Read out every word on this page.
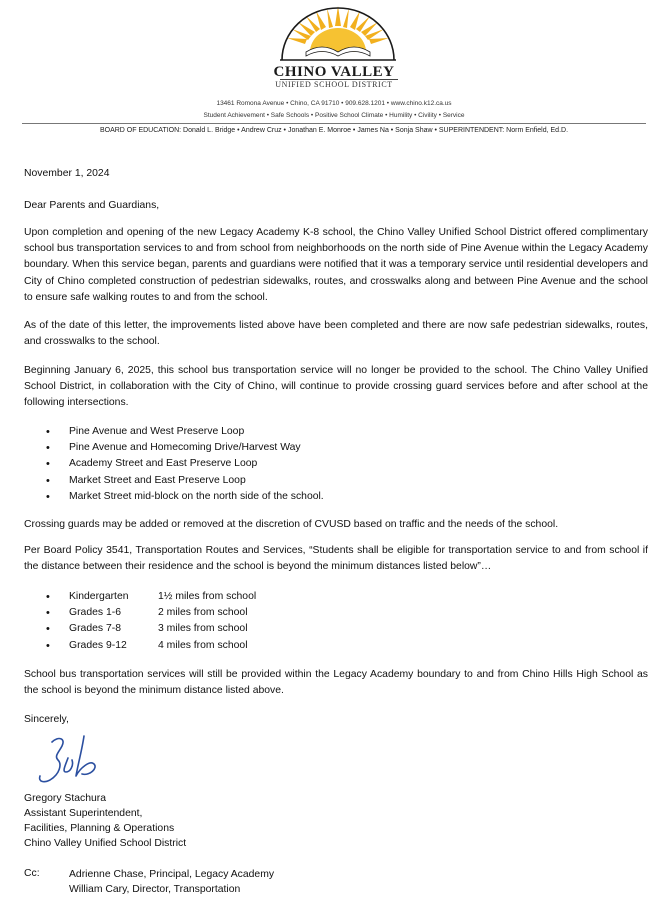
CHINO VALLEY
UNIFIED SCHOOL DISTRICT
13461 Romona Avenue • Chino, CA 91710 • 909.628.1201 • www.chino.k12.ca.us
Student Achievement • Safe Schools • Positive School Climate • Humility • Civility • Service
BOARD OF EDUCATION: Donald L. Bridge • Andrew Cruz • Jonathan E. Monroe • James Na • Sonja Shaw • SUPERINTENDENT: Norm Enfield, Ed.D.
November 1, 2024
Dear Parents and Guardians,
Upon completion and opening of the new Legacy Academy K-8 school, the Chino Valley Unified School District offered complimentary school bus transportation services to and from school from neighborhoods on the north side of Pine Avenue within the Legacy Academy boundary. When this service began, parents and guardians were notified that it was a temporary service until residential developers and City of Chino completed construction of pedestrian sidewalks, routes, and crosswalks along and between Pine Avenue and the school to ensure safe walking routes to and from the school.
As of the date of this letter, the improvements listed above have been completed and there are now safe pedestrian sidewalks, routes, and crosswalks to the school.
Beginning January 6, 2025, this school bus transportation service will no longer be provided to the school. The Chino Valley Unified School District, in collaboration with the City of Chino, will continue to provide crossing guard services before and after school at the following intersections.
• Pine Avenue and West Preserve Loop
• Pine Avenue and Homecoming Drive/Harvest Way
• Academy Street and East Preserve Loop
• Market Street and East Preserve Loop
• Market Street mid-block on the north side of the school.
Crossing guards may be added or removed at the discretion of CVUSD based on traffic and the needs of the school.
Per Board Policy 3541, Transportation Routes and Services, “Students shall be eligible for transportation service to and from school if the distance between their residence and the school is beyond the minimum distances listed below”…
• Kindergarten	1½ miles from school
• Grades 1-6	2 miles from school
• Grades 7-8	3 miles from school
• Grades 9-12	4 miles from school
School bus transportation services will still be provided within the Legacy Academy boundary to and from Chino Hills High School as the school is beyond the minimum distance listed above.
Sincerely,
Gregory Stachura
Assistant Superintendent,
Facilities, Planning & Operations
Chino Valley Unified School District
Cc:	Adrienne Chase, Principal, Legacy Academy
William Cary, Director, Transportation
